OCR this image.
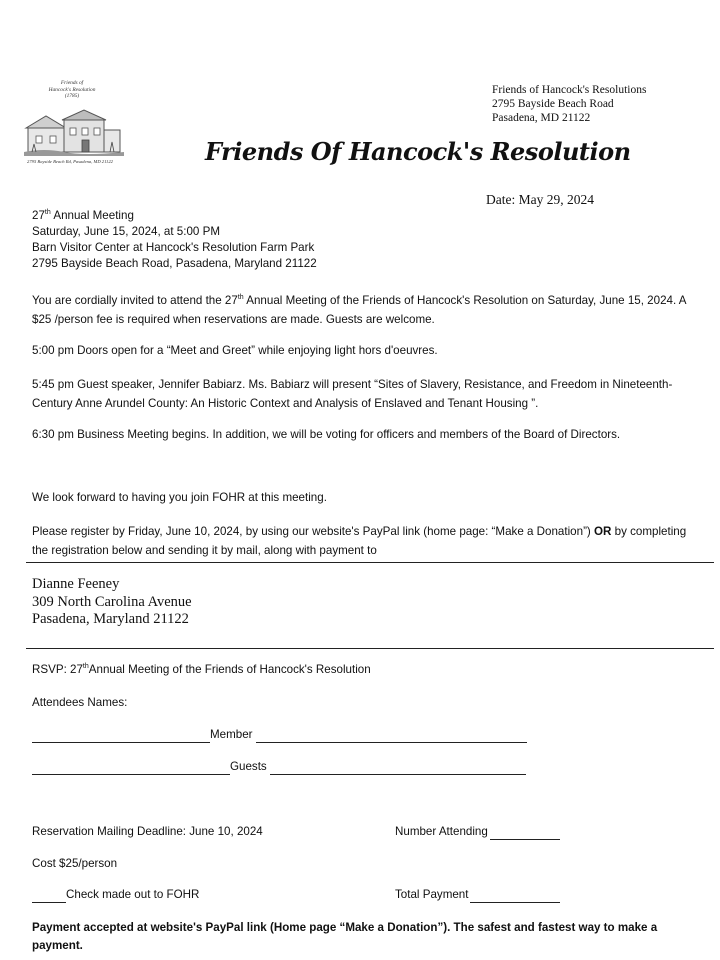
Friends of
Hancock's Resolution
(1785)
2795 Bayside Beach Rd, Pasadena, MD 21122
Friends of Hancock's Resolutions
2795 Bayside Beach Road
Pasadena, MD 21122
Friends Of Hancock's Resolution
Date: May 29, 2024
27th Annual Meeting
Saturday, June 15, 2024, at 5:00 PM
Barn Visitor Center at Hancock's Resolution Farm Park
2795 Bayside Beach Road, Pasadena, Maryland 21122
You are cordially invited to attend the 27th Annual Meeting of the Friends of Hancock's Resolution on Saturday, June 15, 2024. A $25 /person fee is required when reservations are made. Guests are welcome.
5:00 pm Doors open for a “Meet and Greet” while enjoying light hors d'oeuvres.
5:45 pm Guest speaker, Jennifer Babiarz. Ms. Babiarz will present “Sites of Slavery, Resistance, and Freedom in Nineteenth-Century Anne Arundel County: An Historic Context and Analysis of Enslaved and Tenant Housing ”.
6:30 pm Business Meeting begins. In addition, we will be voting for officers and members of the Board of Directors.
We look forward to having you join FOHR at this meeting.
Please register by Friday, June 10, 2024, by using our website's PayPal link (home page: “Make a Donation”) OR by completing the registration below and sending it by mail, along with payment to
Dianne Feeney
309 North Carolina Avenue
Pasadena, Maryland 21122
RSVP: 27thAnnual Meeting of the Friends of Hancock's Resolution
Attendees Names:
Member
Guests
Reservation Mailing Deadline: June 10, 2024	Number Attending
Cost $25/person
Check made out to FOHR	Total Payment
Payment accepted at website's PayPal link (Home page “Make a Donation”). The safest and fastest way to make a payment.
